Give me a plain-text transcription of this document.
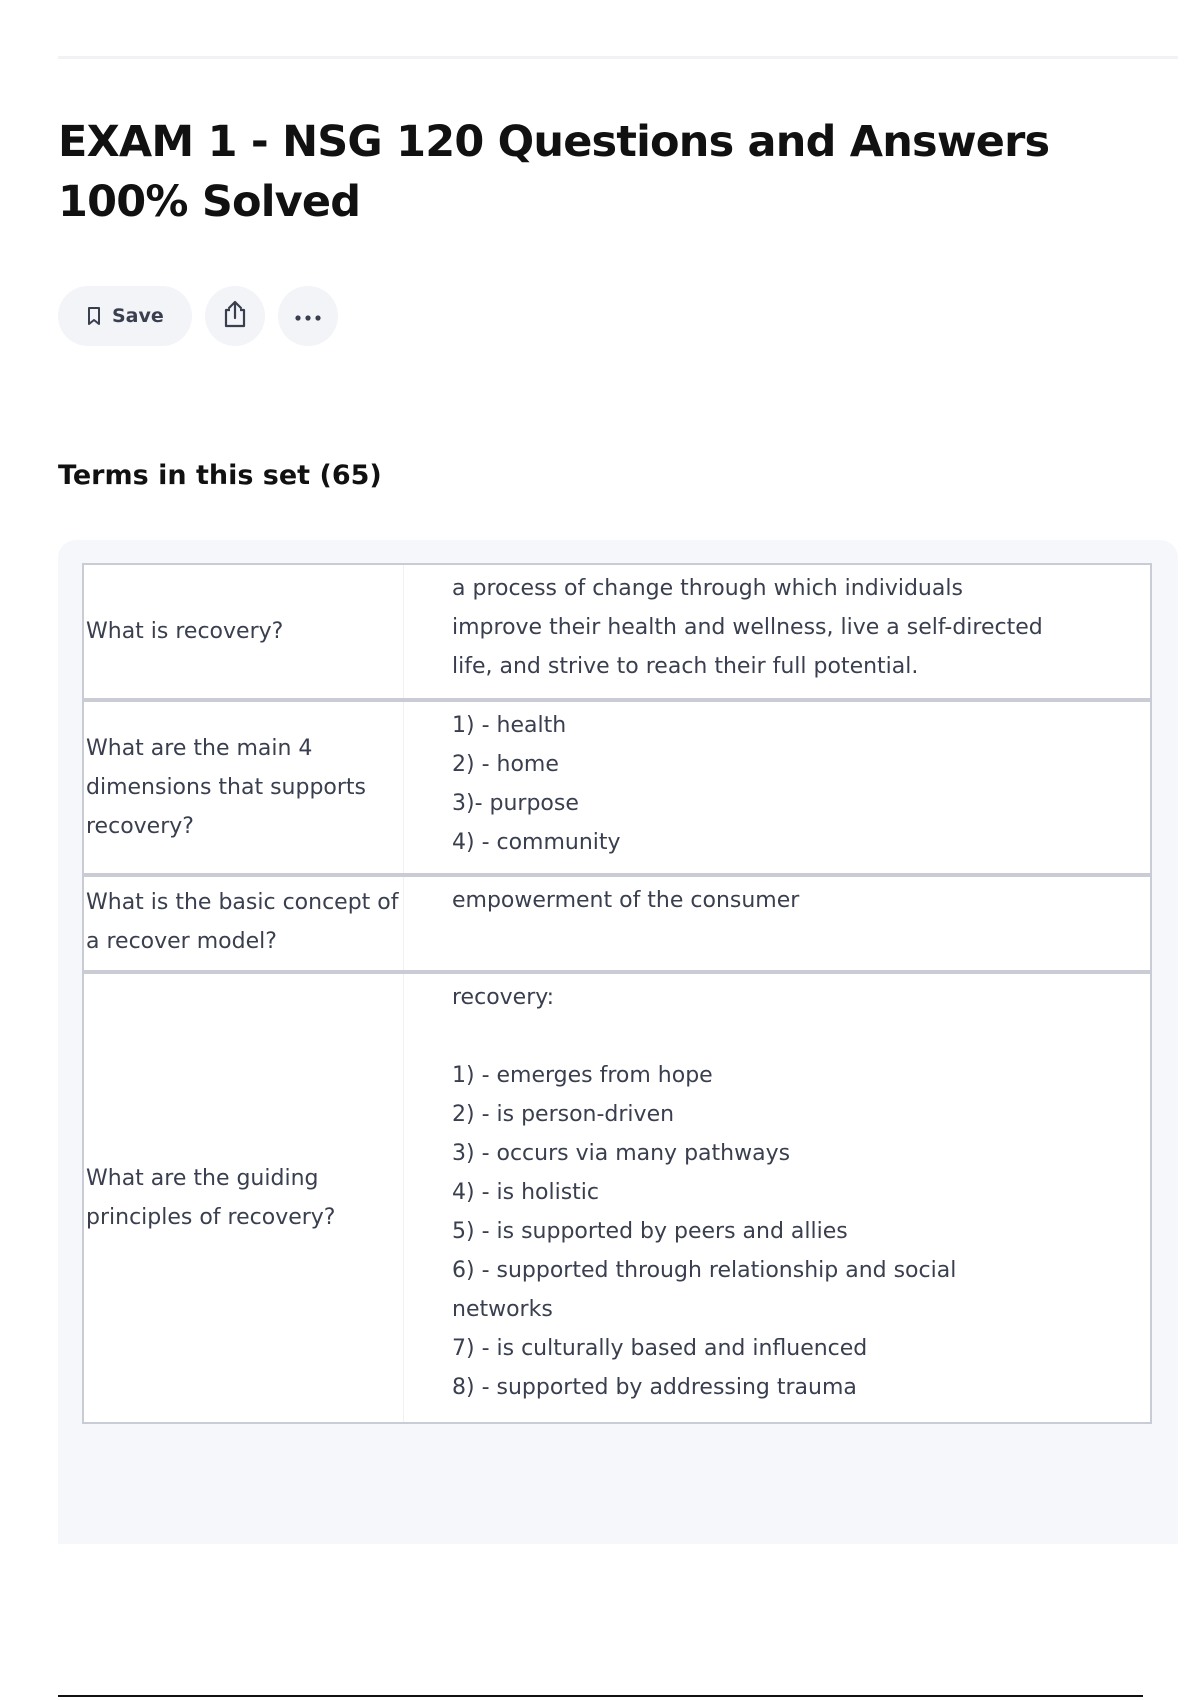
EXAM 1 - NSG 120 Questions and Answers 100% Solved
Save
Terms in this set (65)
What is recovery?
a process of change through which individuals
improve their health and wellness, live a self-directed
life, and strive to reach their full potential.
What are the main 4 dimensions that supports recovery?
1) - health
2) - home
3)- purpose
4) - community
What is the basic concept of a recover model?
empowerment of the consumer
What are the guiding principles of recovery?
recovery:
1) - emerges from hope
2) - is person-driven
3) - occurs via many pathways
4) - is holistic
5) - is supported by peers and allies
6) - supported through relationship and social
networks
7) - is culturally based and influenced
8) - supported by addressing trauma
